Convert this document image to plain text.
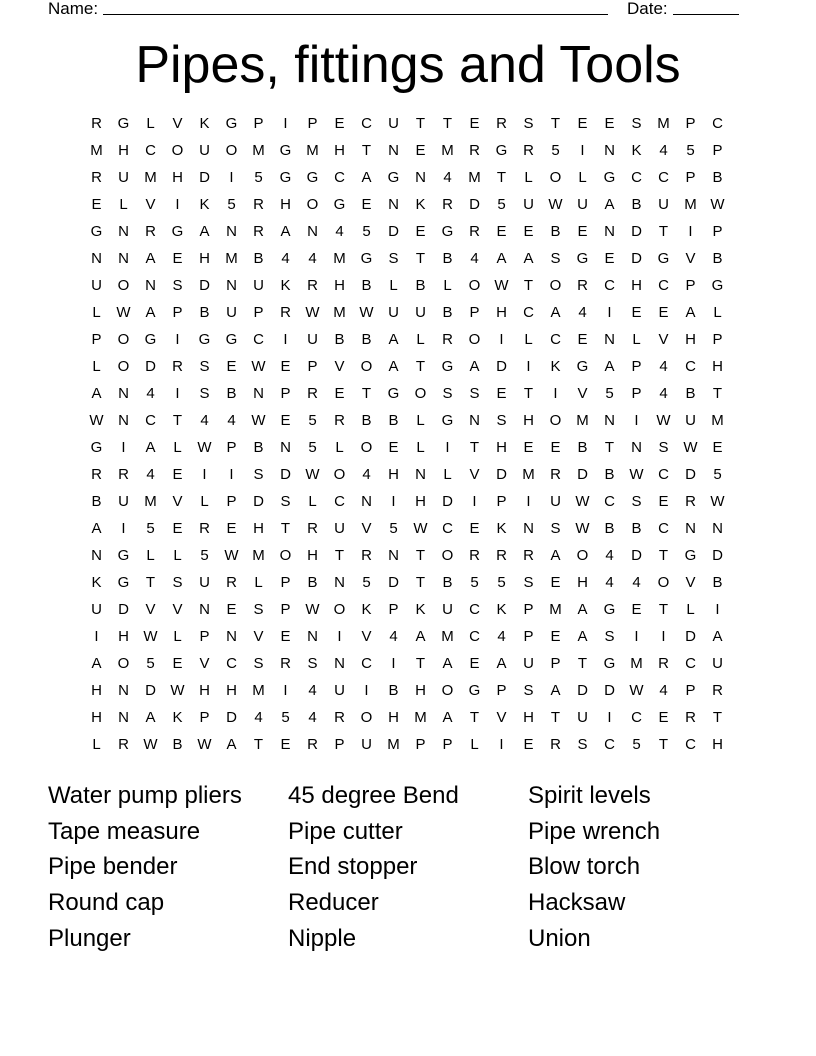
Name:	Date:
Pipes, fittings and Tools
R	G	L	V	K	G	P	I	P	E	C	U	T	T	E	R	S	T	E	E	S	M	P	C
M	H	C	O	U	O M G M	H	T	N	E	M	R	G	R	5	I	N	K	4	5	P
R	U	M	H	D	I	5	G	G	C	A	G	N	4	M	T	L	O	L	G	C	C	P	B
E	L	V	I	K	5	R	H	O	G	E	N	K	R	D	5	U W U	A	B	U	M W
G	N	R	G	A	N	R	A	N	4	5	D	E	G	R	E	E	B	E	N	D	T	I	P
N	N	A	E	H	M	B	4	4	M G	S	T	B	4	A	A	S	G	E	D	G	V	B
U	O	N	S	D	N	U	K	R	H	B	L	B	L	O W	T	O	R	C	H	C	P	G
L	W A	P	B	U	P	R W M W U	U	B	P	H	C	A	4	I	E	E	A	L
P	O	G	I	G	G	C	I	U	B	B	A	L	R	O	I	L	C	E	N	L	V	H	P
L	O	D	R	S	E W E	P	V	O	A	T	G	A	D	I	K	G	A	P	4	C	H
A	N	4	I	S	B	N	P	R	E	T	G	O	S	S	E	T	I	V	5	P	4	B	T
W N	C	T	4	4	W E	5	R	B	B	L	G	N	S	H	O M	N	I	W U	M
G	I	A	L	W P	B	N	5	L	O	E	L	I	T	H	E	E	B	T	N	S W E
R	R	4	E	I	I	S	D W O	4	H	N	L	V	D	M	R	D	B W C	D	5
B	U	M	V	L	P	D	S	L	C	N	I	H	D	I	P	I	U W C	S	E	R W
A	I	5	E	R	E	H	T	R	U	V	5	W C	E	K	N	S W B	B	C	N	N
N	G	L	L	5	W M O	H	T	R	N	T	O	R	R	R	A	O	4	D	T	G	D
K	G	T	S	U	R	L	P	B	N	5	D	T	B	5	5	S	E	H	4	4	O	V	B
U	D	V	V	N	E	S	P W O	K	P	K	U	C	K	P	M	A	G	E	T	L	I
I	H W	L	P	N	V	E	N	I	V	4	A	M	C	4	P	E	A	S	I	I	D	A
A	O	5	E	V	C	S	R	S	N	C	I	T	A	E	A	U	P	T	G M	R	C	U
H	N	D W H	H	M	I	4	U	I	B	H	O	G	P	S	A	D	D W	4	P	R
H	N	A	K	P	D	4	5	4	R	O	H	M	A	T	V	H	T	U	I	C	E	R	T
L	R W B W A	T	E	R	P	U	M	P	P	L	I	E	R	S	C	5	T	C	H
Water pump pliers
Tape measure
Pipe bender
Round cap
Plunger
45 degree Bend
Pipe cutter
End stopper
Reducer
Nipple
Spirit levels
Pipe wrench
Blow torch
Hacksaw
Union
